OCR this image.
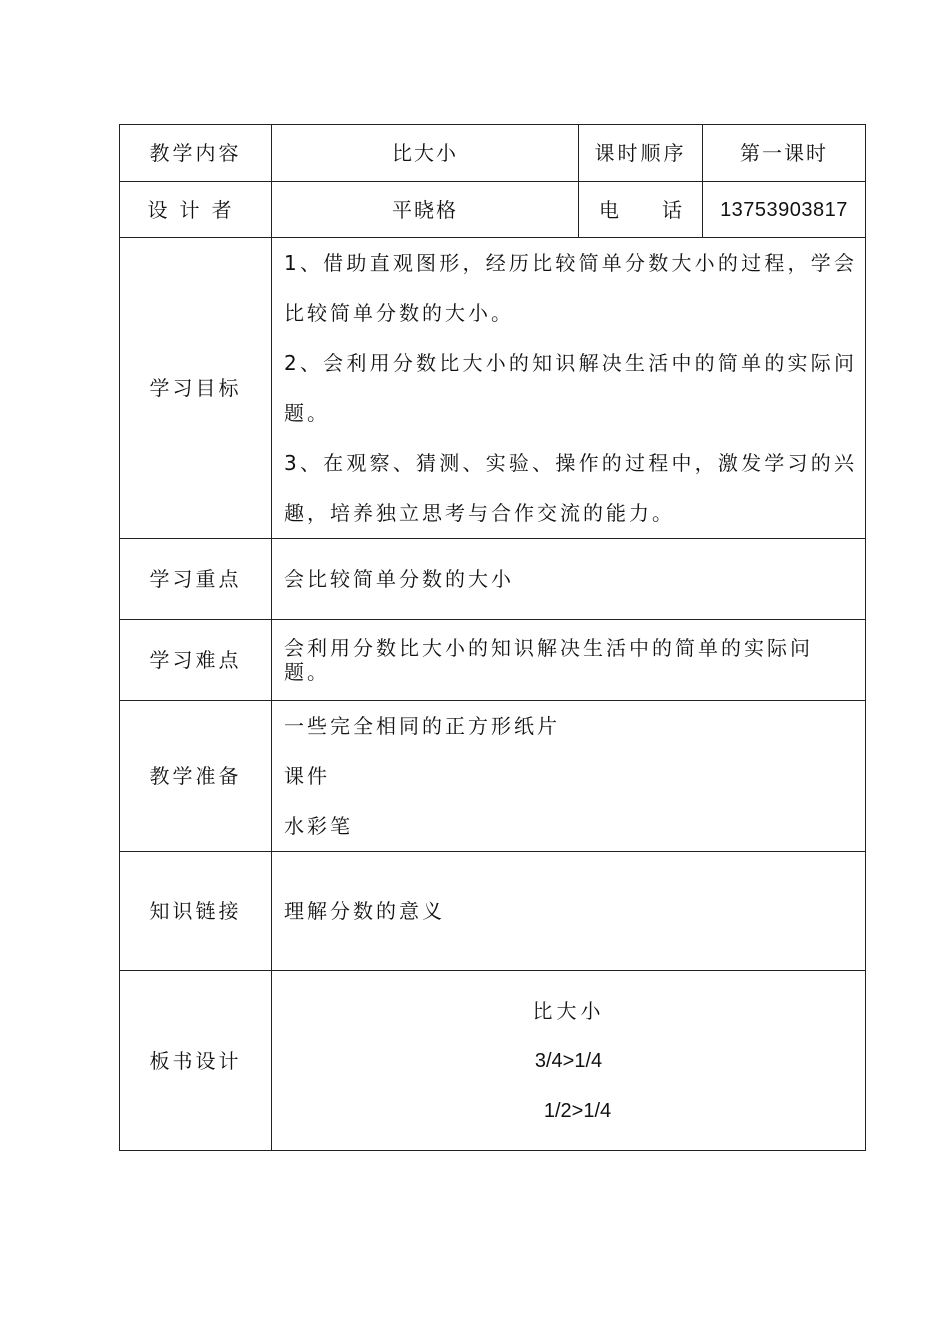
教学内容	比大小	课时顺序	第一课时
设计者	平晓格	电 话	13753903817
学习目标	1、借助直观图形，经历比较简单分数大小的过程，学会比较简单分数的大小。

2、会利用分数比大小的知识解决生活中的简单的实际问题。

3、在观察、猜测、实验、操作的过程中，激发学习的兴趣，培养独立思考与合作交流的能力。		

学习重点	会比较简单分数的大小		
学习难点	会利用分数比大小的知识解决生活中的简单的实际问题。		
教学准备	一些完全相同的正方形纸片
课件
水彩笔		

知识链接	理解分数的意义		
板书设计	比大小
3/4>1/4
1/2>1/4		
